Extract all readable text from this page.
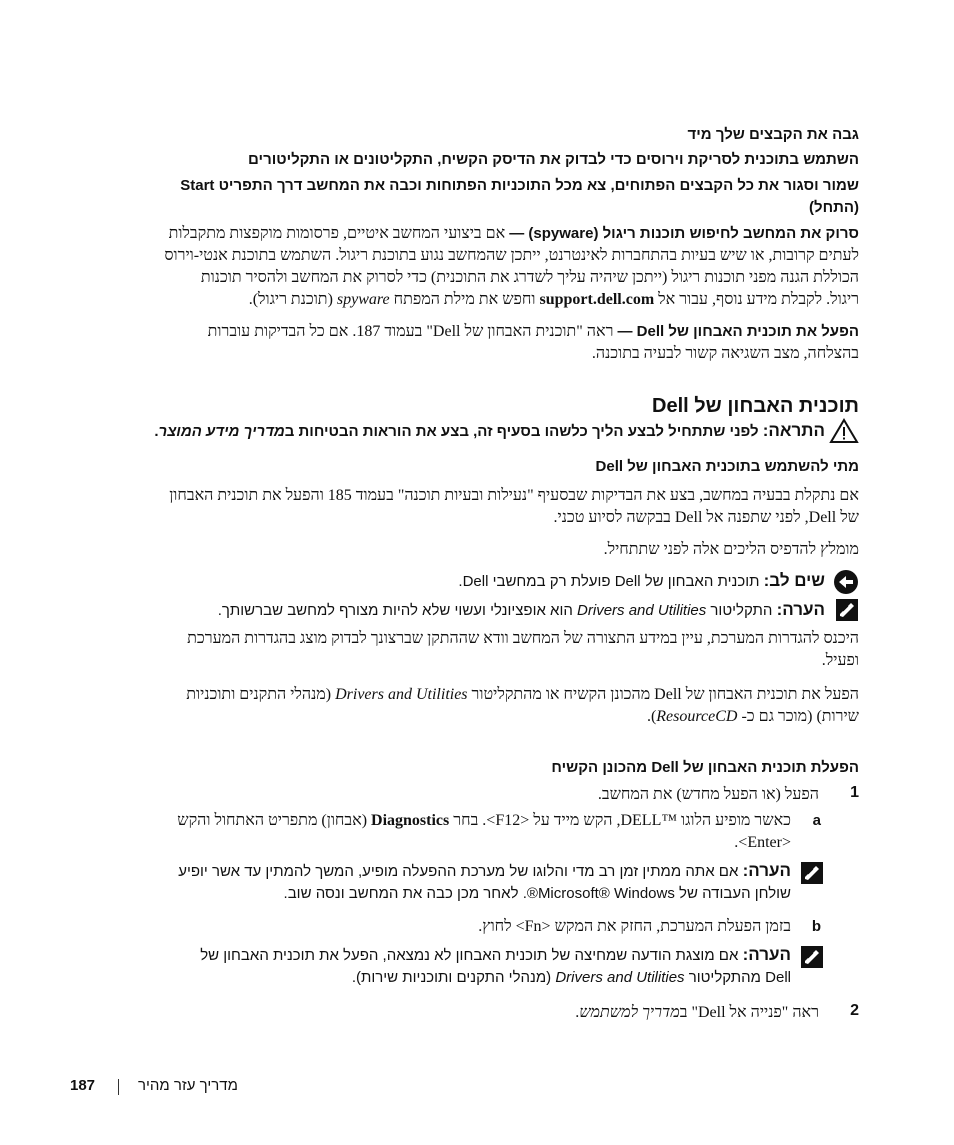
גבה את הקבצים שלך מיד
השתמש בתוכנית לסריקת וירוסים כדי לבדוק את הדיסק הקשיח, התקליטונים או התקליטורים
שמור וסגור את כל הקבצים הפתוחים, צא מכל התוכניות הפתוחות וכבה את המחשב דרך התפריט Start
(התחל)
סרוק את המחשב לחיפוש תוכנות ריגול (spyware) — אם ביצועי המחשב איטיים, פרסומות מוקפצות מתקבלות
לעתים קרובות, או שיש בעיות בהתחברות לאינטרנט, ייתכן שהמחשב נגוע בתוכנת ריגול. השתמש בתוכנת אנטי-וירוס
הכוללת הגנה מפני תוכנות ריגול (ייתכן שיהיה עליך לשדרג את התוכנית) כדי לסרוק את המחשב ולהסיר תוכנות
ריגול. לקבלת מידע נוסף, עבור אל support.dell.com וחפש את מילת המפתח spyware (תוכנת ריגול).
הפעל את תוכנית האבחון של Dell — ראה "תוכנית האבחון של Dell" בעמוד 187. אם כל הבדיקות עוברות
בהצלחה, מצב השגיאה קשור לבעיה בתוכנה.
תוכנית האבחון של Dell
התראה: לפני שתתחיל לבצע הליך כלשהו בסעיף זה, בצע את הוראות הבטיחות במדריך מידע המוצר.
מתי להשתמש בתוכנית האבחון של Dell
אם נתקלת בבעיה במחשב, בצע את הבדיקות שבסעיף "נעילות ובעיות תוכנה" בעמוד 185 והפעל את תוכנית האבחון
של Dell, לפני שתפנה אל Dell בבקשה לסיוע טכני.
מומלץ להדפיס הליכים אלה לפני שתתחיל.
שים לב: תוכנית האבחון של Dell פועלת רק במחשבי Dell.
הערה: התקליטור Drivers and Utilities הוא אופציונלי ועשוי שלא להיות מצורף למחשב שברשותך.
היכנס להגדרות המערכת, עיין במידע התצורה של המחשב וודא שההתקן שברצונך לבדוק מוצג בהגדרות המערכת
ופעיל.
הפעל את תוכנית האבחון של Dell מהכונן הקשיח או מהתקליטור Drivers and Utilities (מנהלי התקנים ותוכניות
שירות) (מוכר גם כ- ResourceCD).
הפעלת תוכנית האבחון של Dell מהכונן הקשיח
1
הפעל (או הפעל מחדש) את המחשב.
a
כאשר מופיע הלוגו ™DELL, הקש מייד על <F12>. בחר Diagnostics (אבחון) מתפריט האתחול והקש
<Enter>.
הערה: אם אתה ממתין זמן רב מדי והלוגו של מערכת ההפעלה מופיע, המשך להמתין עד אשר יופיע
שולחן העבודה של Microsoft® Windows®. לאחר מכן כבה את המחשב ונסה שוב.
b
בזמן הפעלת המערכת, החזק את המקש <Fn> לחוץ.
הערה: אם מוצגת הודעה שמחיצה של תוכנית האבחון לא נמצאה, הפעל את תוכנית האבחון של
Dell מהתקליטור Drivers and Utilities (מנהלי התקנים ותוכניות שירות).
2
ראה "פנייה אל Dell" במדריך למשתמש.
187	מדריך עזר מהיר
